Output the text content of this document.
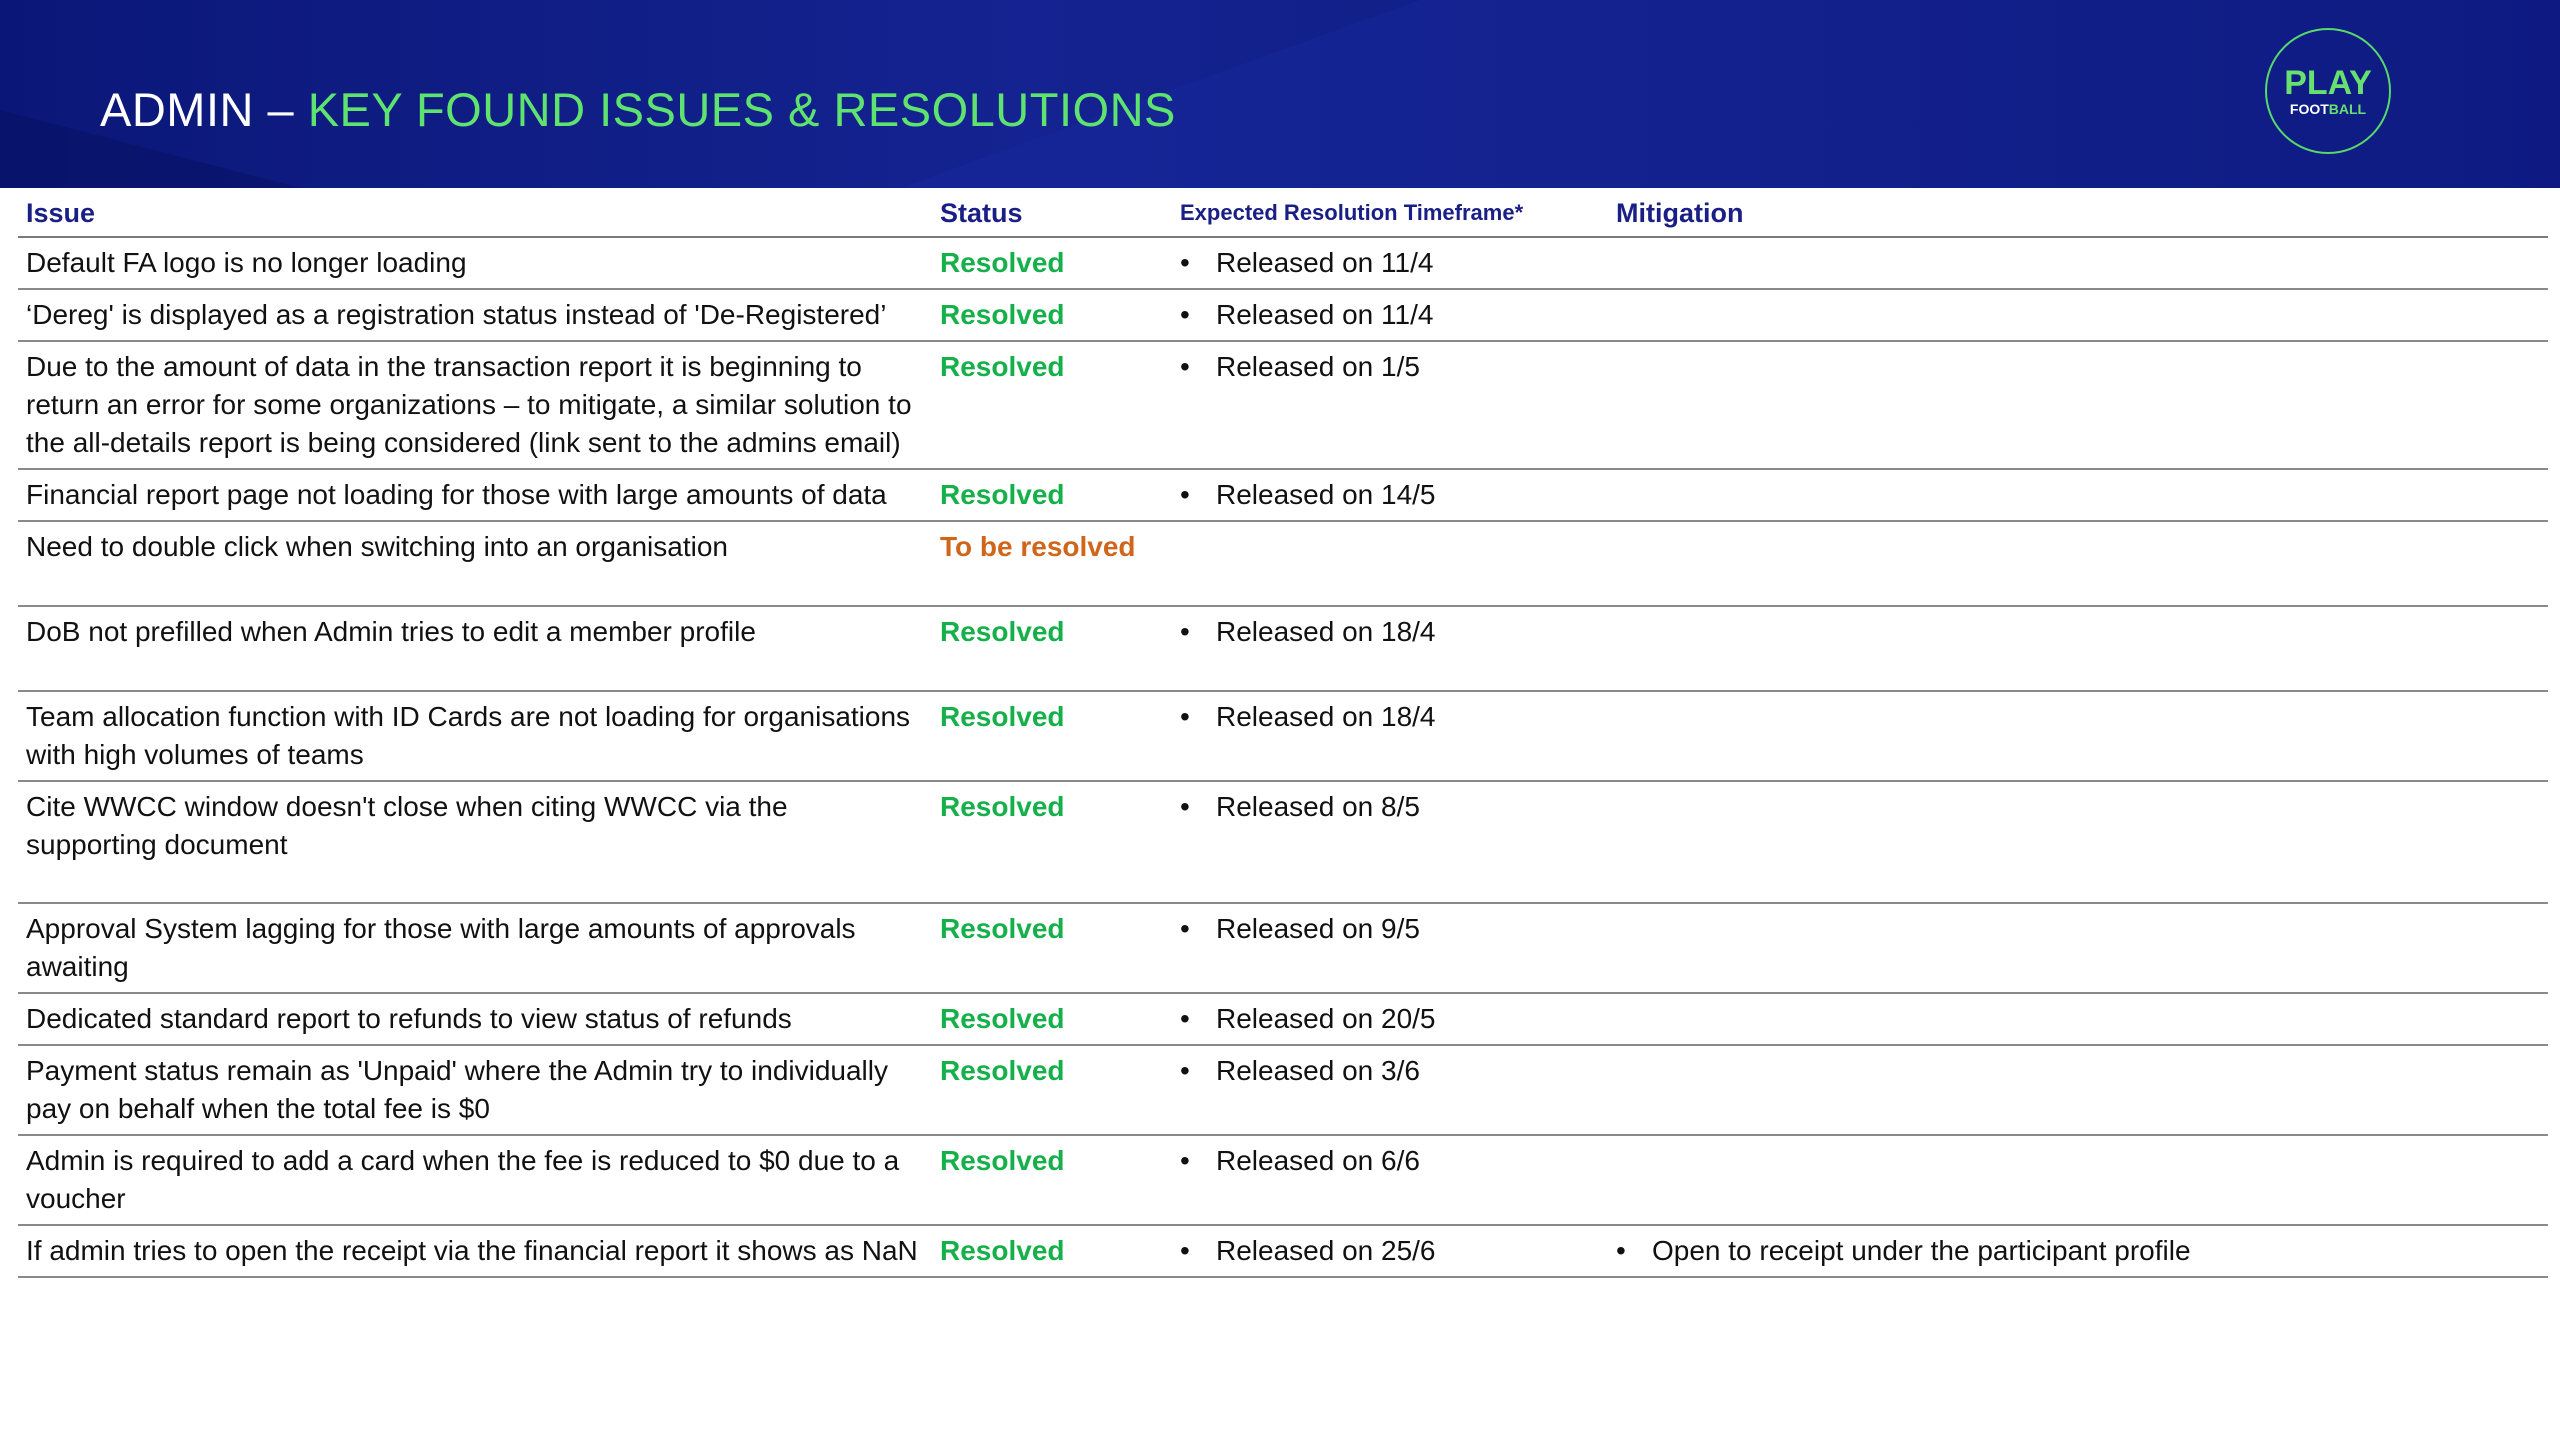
ADMIN – KEY FOUND ISSUES & RESOLUTIONS	PLAY
FOOTBALL
Issue	Status	Expected Resolution Timeframe*	Mitigation
Default FA logo is no longer loading	Resolved	• Released on 11/4	
‘Dereg' is displayed as a registration status instead of 'De-Registered’	Resolved	• Released on 11/4	
Due to the amount of data in the transaction report it is beginning to return an error for some organizations – to mitigate, a similar solution to the all-details report is being considered (link sent to the admins email)	Resolved	• Released on 1/5	
Financial report page not loading for those with large amounts of data	Resolved	• Released on 14/5	
Need to double click when switching into an organisation	To be resolved		
DoB not prefilled when Admin tries to edit a member profile	Resolved	• Released on 18/4	
Team allocation function with ID Cards are not loading for organisations with high volumes of teams	Resolved	• Released on 18/4	
Cite WWCC window doesn't close when citing WWCC via the supporting document	Resolved	• Released on 8/5	
Approval System lagging for those with large amounts of approvals awaiting	Resolved	• Released on 9/5	
Dedicated standard report to refunds to view status of refunds	Resolved	• Released on 20/5	
Payment status remain as 'Unpaid' where the Admin try to individually pay on behalf when the total fee is $0	Resolved	• Released on 3/6	
Admin is required to add a card when the fee is reduced to $0 due to a voucher	Resolved	• Released on 6/6	
If admin tries to open the receipt via the financial report it shows as NaN	Resolved	• Released on 25/6	• Open to receipt under the participant profile
